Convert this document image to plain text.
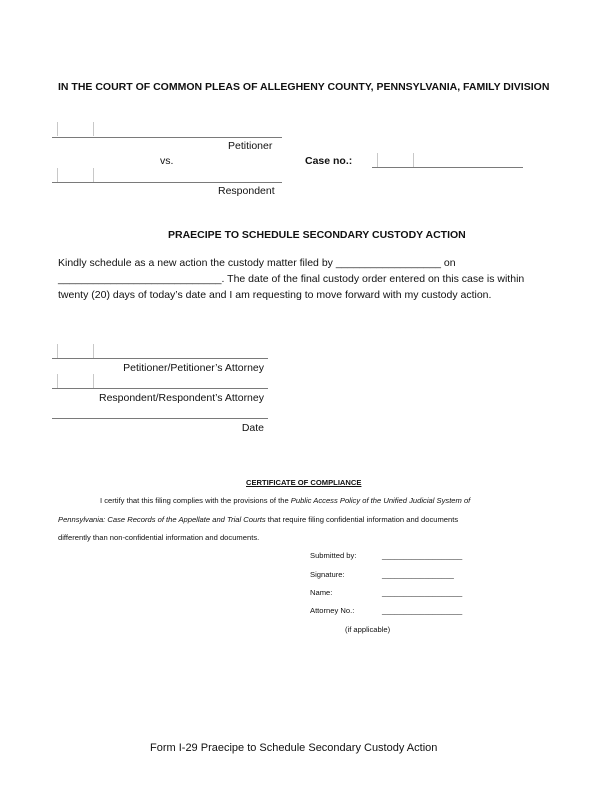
IN THE COURT OF COMMON PLEAS OF ALLEGHENY COUNTY, PENNSYLVANIA, FAMILY DIVISION
Petitioner
vs.	Case no.:
Respondent
PRAECIPE TO SCHEDULE SECONDARY CUSTODY ACTION
Kindly schedule as a new action the custody matter filed by __________________ on
____________________________. The date of the final custody order entered on this case is within
twenty (20) days of today’s date and I am requesting to move forward with my custody action.
Petitioner/Petitioner’s Attorney
Respondent/Respondent’s Attorney
Date
CERTIFICATE OF COMPLIANCE
I certify that this filing complies with the provisions of the Public Access Policy of the Unified Judicial System of
Pennsylvania: Case Records of the Appellate and Trial Courts that require filing confidential information and documents
differently than non-confidential information and documents.
Submitted by:	___________________
Signature:	_________________
Name:	___________________
Attorney No.:	___________________
(if applicable)
Form I-29 Praecipe to Schedule Secondary Custody Action
